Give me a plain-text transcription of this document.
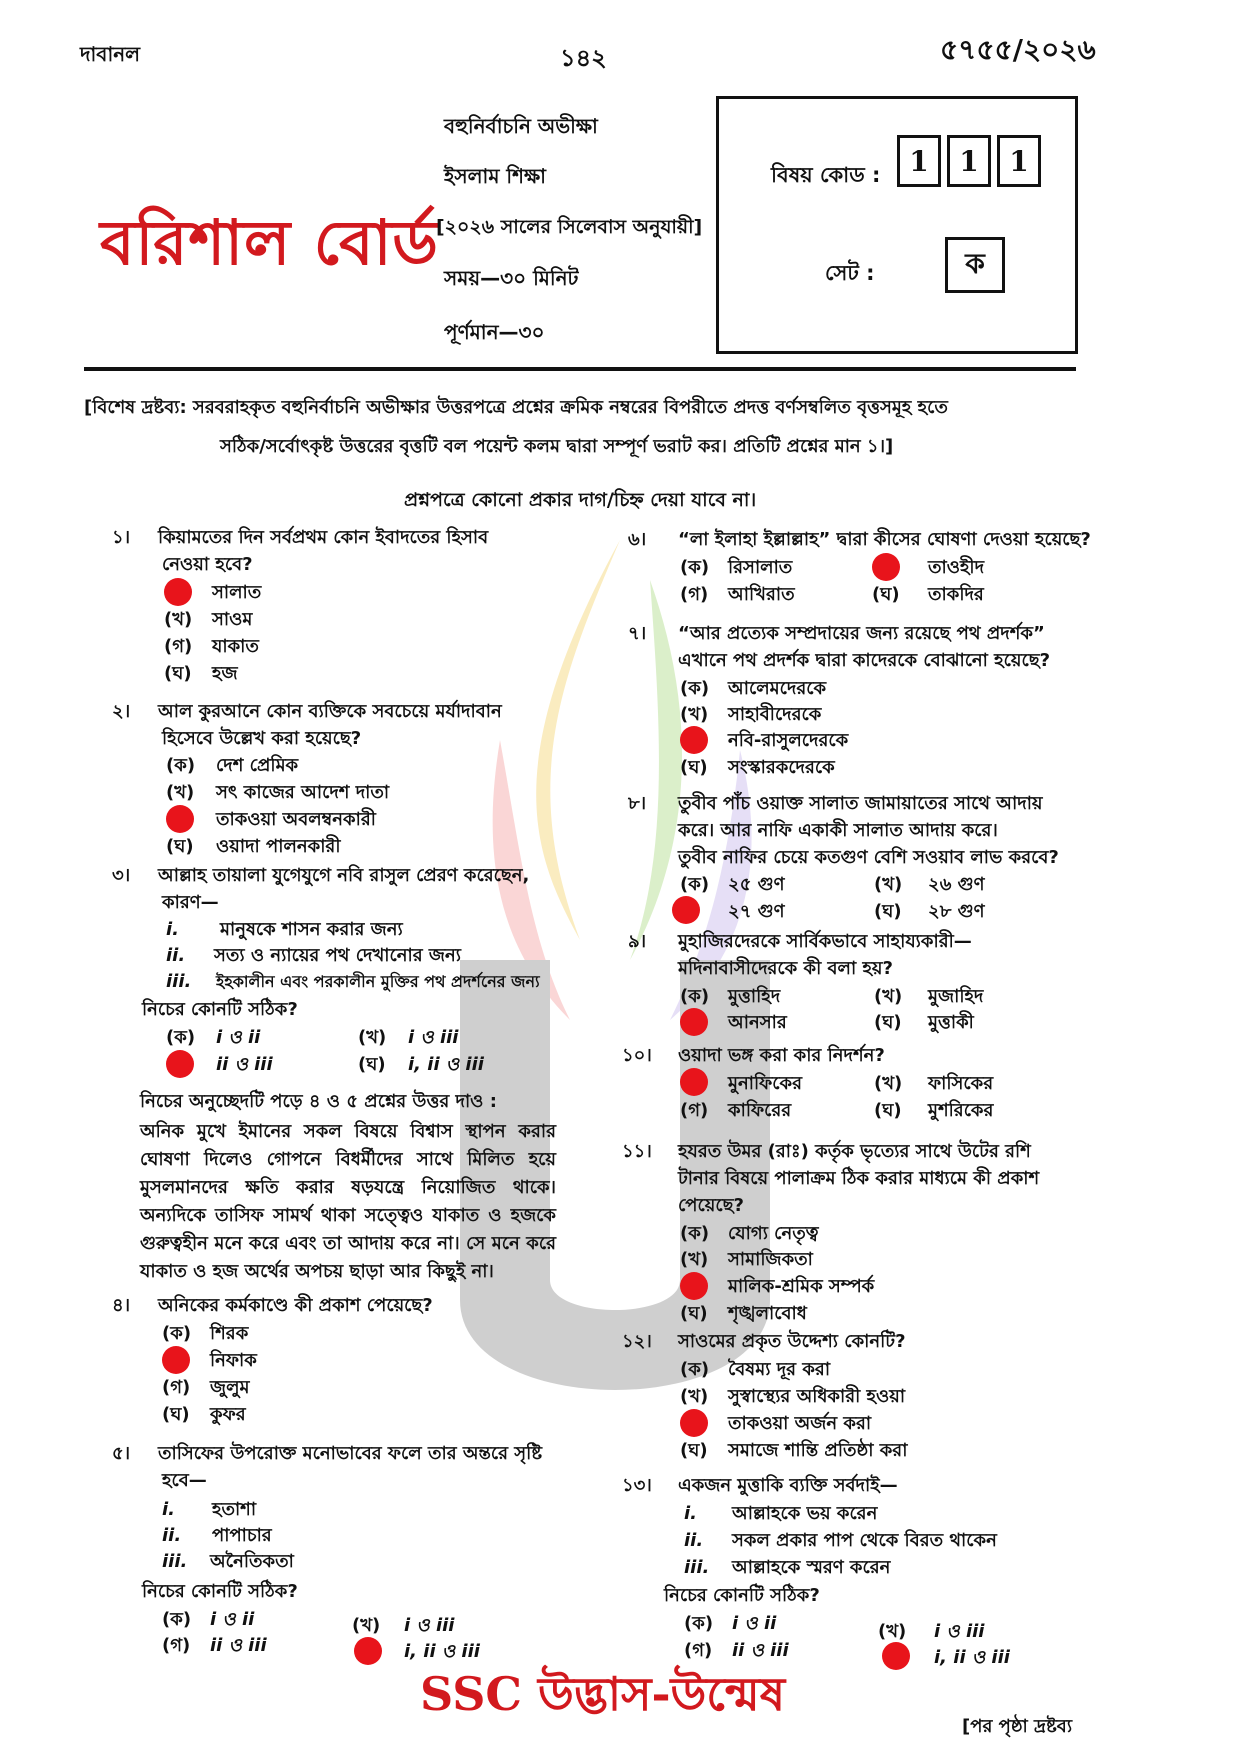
দাবানল	১৪২	৫৭৫৫/২০২৬
বরিশাল বোর্ড
বহুনির্বাচনি অভীক্ষা
ইসলাম শিক্ষা
[২০২৬ সালের সিলেবাস অনুযায়ী]
সময়—৩০ মিনিট
পূর্ণমান—৩০
বিষয় কোড :	1	1	1
সেট :	ক
[বিশেষ দ্রষ্টব্য: সরবরাহকৃত বহুনির্বাচনি অভীক্ষার উত্তরপত্রে প্রশ্নের ক্রমিক নম্বরের বিপরীতে প্রদত্ত বর্ণসম্বলিত বৃত্তসমূহ হতে
সঠিক/সর্বোৎকৃষ্ট উত্তরের বৃত্তটি বল পয়েন্ট কলম দ্বারা সম্পূর্ণ ভরাট কর। প্রতিটি প্রশ্নের মান ১।]
প্রশ্নপত্রে কোনো প্রকার দাগ/চিহ্ন দেয়া যাবে না।
১। কিয়ামতের দিন সর্বপ্রথম কোন ইবাদতের হিসাব
নেওয়া হবে?
সালাত
(খ) সাওম
(গ) যাকাত
(ঘ) হজ
২। আল কুরআনে কোন ব্যক্তিকে সবচেয়ে মর্যাদাবান
হিসেবে উল্লেখ করা হয়েছে?
(ক) দেশ প্রেমিক
(খ) সৎ কাজের আদেশ দাতা
তাকওয়া অবলম্বনকারী
(ঘ) ওয়াদা পালনকারী
৩। আল্লাহ তায়ালা যুগেযুগে নবি রাসুল প্রেরণ করেছেন,
কারণ—
i. মানুষকে শাসন করার জন্য
ii. সত্য ও ন্যায়ের পথ দেখানোর জন্য
iii. ইহকালীন এবং পরকালীন মুক্তির পথ প্রদর্শনের জন্য
নিচের কোনটি সঠিক?
(ক) i ও ii	(খ) i ও iii
ii ও iii	(ঘ) i, ii ও iii
নিচের অনুচ্ছেদটি পড়ে ৪ ও ৫ প্রশ্নের উত্তর দাও :
অনিক মুখে ইমানের সকল বিষয়ে বিশ্বাস স্থাপন করার ঘোষণা দিলেও গোপনে বিধর্মীদের সাথে মিলিত হয়ে মুসলমানদের ক্ষতি করার ষড়যন্ত্রে নিয়োজিত থাকে। অন্যদিকে তাসিফ সামর্থ থাকা সত্ত্বেও যাকাত ও হজকে গুরুত্বহীন মনে করে এবং তা আদায় করে না। সে মনে করে যাকাত ও হজ অর্থের অপচয় ছাড়া আর কিছুই না।
৪। অনিকের কর্মকাণ্ডে কী প্রকাশ পেয়েছে?
(ক) শিরক
নিফাক
(গ) জুলুম
(ঘ) কুফর
৫। তাসিফের উপরোক্ত মনোভাবের ফলে তার অন্তরে সৃষ্টি
হবে—
i. হতাশা
ii. পাপাচার
iii. অনৈতিকতা
নিচের কোনটি সঠিক?
(ক) i ও ii	(খ) i ও iii
(গ) ii ও iii	i, ii ও iii
৬। “লা ইলাহা ইল্লাল্লাহ” দ্বারা কীসের ঘোষণা দেওয়া হয়েছে?
(ক) রিসালাত	তাওহীদ
(গ) আখিরাত	(ঘ) তাকদির
৭। “আর প্রত্যেক সম্প্রদায়ের জন্য রয়েছে পথ প্রদর্শক”
এখানে পথ প্রদর্শক দ্বারা কাদেরকে বোঝানো হয়েছে?
(ক) আলেমদেরকে
(খ) সাহাবীদেরকে
নবি-রাসুলদেরকে
(ঘ) সংস্কারকদেরকে
৮। তুবীব পাঁচ ওয়াক্ত সালাত জামায়াতের সাথে আদায়
করে। আর নাফি একাকী সালাত আদায় করে।
তুবীব নাফির চেয়ে কতগুণ বেশি সওয়াব লাভ করবে?
(ক) ২৫ গুণ	(খ) ২৬ গুণ
২৭ গুণ	(ঘ) ২৮ গুণ
৯। মুহাজিরদেরকে সার্বিকভাবে সাহায্যকারী—
মদিনাবাসীদেরকে কী বলা হয়?
(ক) মুত্তাহিদ	(খ) মুজাহিদ
আনসার	(ঘ) মুত্তাকী
১০। ওয়াদা ভঙ্গ করা কার নিদর্শন?
মুনাফিকের	(খ) ফাসিকের
(গ) কাফিরের	(ঘ) মুশরিকের
১১। হযরত উমর (রাঃ) কর্তৃক ভৃত্যের সাথে উটের রশি
টানার বিষয়ে পালাক্রম ঠিক করার মাধ্যমে কী প্রকাশ
পেয়েছে?
(ক) যোগ্য নেতৃত্ব
(খ) সামাজিকতা
মালিক-শ্রমিক সম্পর্ক
(ঘ) শৃঙ্খলাবোধ
১২। সাওমের প্রকৃত উদ্দেশ্য কোনটি?
(ক) বৈষম্য দূর করা
(খ) সুস্বাস্থ্যের অধিকারী হওয়া
তাকওয়া অর্জন করা
(ঘ) সমাজে শান্তি প্রতিষ্ঠা করা
১৩। একজন মুত্তাকি ব্যক্তি সর্বদাই—
i. আল্লাহকে ভয় করেন
ii. সকল প্রকার পাপ থেকে বিরত থাকেন
iii. আল্লাহকে স্মরণ করেন
নিচের কোনটি সঠিক?
(ক) i ও ii	(খ) i ও iii
(গ) ii ও iii	i, ii ও iii
SSC উদ্ভাস-উন্মেষ
[পর পৃষ্ঠা দ্রষ্টব্য
